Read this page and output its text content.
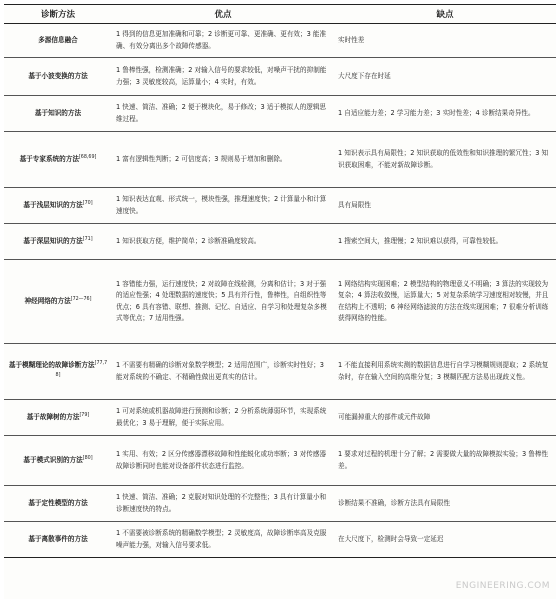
诊断方法	优点	缺点
多源信息融合	1 得到的信息更加准确和可靠；2 诊断更可靠、更准确、更有效；3 能准确、有效分离出多个故障传感器。	实时性差
基于小波变换的方法	1 鲁棒性强，检测准确；2 对输入信号的要求较低，对噪声干扰的抑制能力强；3 灵敏度较高，运算量小；4 实时，有效。	大尺度下存在时延
基于知识的方法	1 快速、简洁、准确；2 便于模块化，易于修改；3 适于模拟人的逻辑思维过程。	1 自适应能力差；2 学习能力差；3 实时性差；4 诊断结果奇异性。
基于专家系统的方法[68,69]	1 富有逻辑性判断；2 可信度高；3 规则易于增加和删除。	1 知识表示具有局限性；2 知识获取的低效性和知识推理的繁冗性；3 知识获取困难，不能对新故障诊断。
基于浅层知识的方法[70]	1 知识表达直观、形式统一，模块性强，推理速度快；2 计算量小和计算速度快。	具有局限性
基于深层知识的方法[71]	1 知识获取方便，维护简单；2 诊断准确度较高。	1 搜索空间大，推理慢；2 知识难以获得，可靠性较低。
神经网络的方法[72—76]	1 容错能力强，运行速度快；2 对故障在线检测，分离和估计；3 对于强的适应性强；4 处理数据的速度快；5 具有并行性，鲁棒性，自组织性等优点；6 具有容错、联想、推测、记忆、自适应、自学习和处理复杂多模式等优点；7 适用性强。	1 网络结构实现困难；2 模型结构的物理意义不明确；3 算法的实现较为复杂；4 算法收敛慢，运算量大；5 对复杂系统学习速度相对较慢，并且在结构上不透明；6 神经网络滤波的方法在线实现困难；7 很难分析训练获得网络的性能。
基于模糊理论的故障诊断方法[77,78]	1 不需要有精确的诊断对象数学模型；2 适用范围广，诊断实时性好；3 能对系统的不确定、不精确性做出更真实的估计。	1 不能直接利用系统实测的数据信息进行自学习模糊规则提取；2 系统复杂时，存在输入空间的高维分复；3 模糊匹配方法易出现歧义性。
基于故障树的方法[79]	1 可对系统或机器故障进行预测和诊断；2 分析系统薄弱环节，实现系统最优化；3 易于理解，便于实际应用。	可能漏掉重大的部件或元件故障
基于模式识别的方法[80]	1 实用、有效；2 区分传感器漂移故障和性能蜕化或功率断；3 对传感器故障诊断同时也能对设备部件状态进行监控。	1 要求对过程的机理十分了解；2 需要做大量的故障模拟实验；3 鲁棒性差。
基于定性模型的方法	1 快速、简洁、准确；2 克服对知识处理的不完整性；3 具有计算量小和诊断速度快的特点。	诊断结果不准确，诊断方法具有局限性
基于离散事件的方法	1 不需要被诊断系统的精确数学模型；2 灵敏度高，故障诊断率高及克服噪声能力强，对输入信号要求低。	在大尺度下，检测时会导致一定延迟
ENGINEERING.COM
